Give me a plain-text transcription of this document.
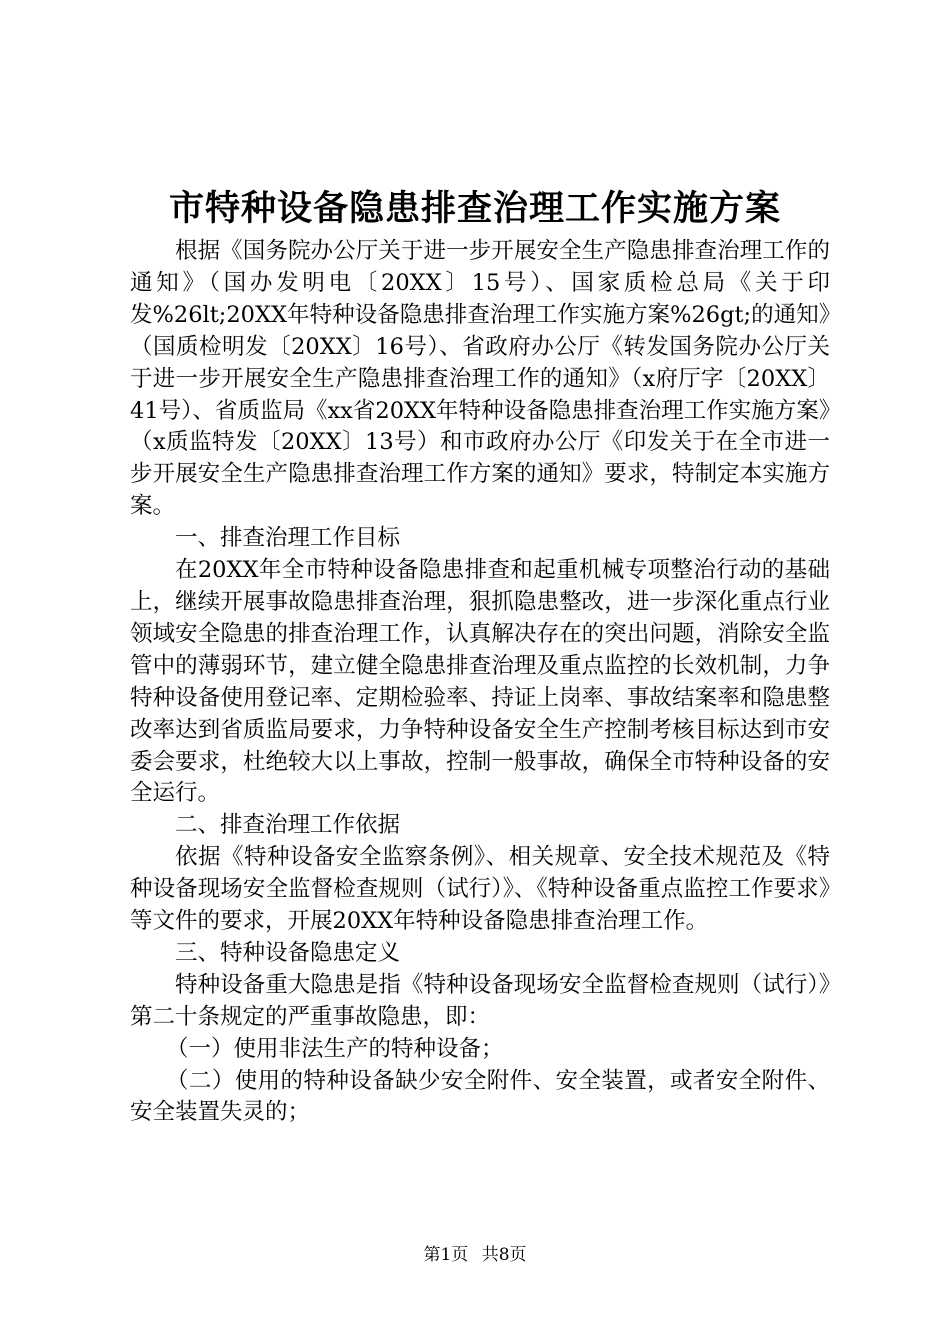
市特种设备隐患排查治理工作实施方案

根据《国务院办公厅关于进一步开展安全生产隐患排查治理工作的通知》（国办发明电〔20XX〕15号）、国家质检总局《关于印发%26lt;20XX年特种设备隐患排查治理工作实施方案%26gt;的通知》（国质检明发〔20XX〕16号）、省政府办公厅《转发国务院办公厅关于进一步开展安全生产隐患排查治理工作的通知》（x府厅字〔20XX〕41号）、省质监局《xx省20XX年特种设备隐患排查治理工作实施方案》（x质监特发〔20XX〕13号）和市政府办公厅《印发关于在全市进一步开展安全生产隐患排查治理工作方案的通知》要求，特制定本实施方案。

一、排查治理工作目标

在20XX年全市特种设备隐患排查和起重机械专项整治行动的基础上，继续开展事故隐患排查治理，狠抓隐患整改，进一步深化重点行业领域安全隐患的排查治理工作，认真解决存在的突出问题，消除安全监管中的薄弱环节，建立健全隐患排查治理及重点监控的长效机制，力争特种设备使用登记率、定期检验率、持证上岗率、事故结案率和隐患整改率达到省质监局要求，力争特种设备安全生产控制考核目标达到市安委会要求，杜绝较大以上事故，控制一般事故，确保全市特种设备的安全运行。

二、排查治理工作依据

依据《特种设备安全监察条例》、相关规章、安全技术规范及《特种设备现场安全监督检查规则（试行）》、《特种设备重点监控工作要求》等文件的要求，开展20XX年特种设备隐患排查治理工作。

三、特种设备隐患定义

特种设备重大隐患是指《特种设备现场安全监督检查规则（试行）》第二十条规定的严重事故隐患，即：

（一）使用非法生产的特种设备；

（二）使用的特种设备缺少安全附件、安全装置，或者安全附件、安全装置失灵的；

第1页 共8页
